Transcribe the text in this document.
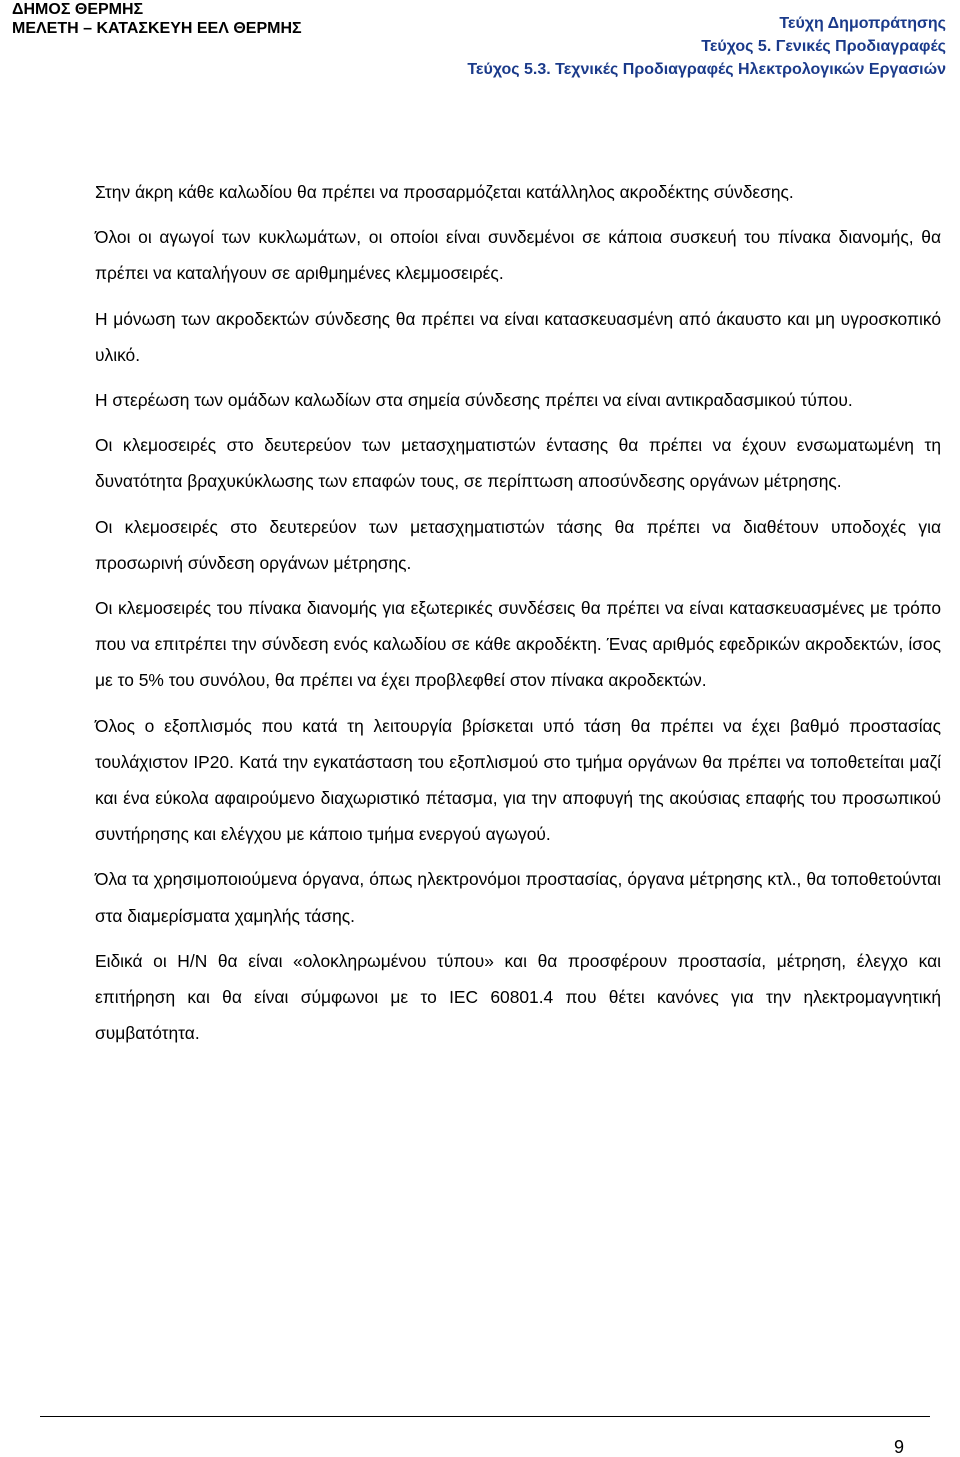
ΔΗΜΟΣ ΘΕΡΜΗΣ
ΜΕΛΕΤΗ – ΚΑΤΑΣΚΕΥΗ ΕΕΛ ΘΕΡΜΗΣ	Τεύχη Δημοπράτησης
Τεύχος 5. Γενικές Προδιαγραφές
Τεύχος 5.3. Τεχνικές Προδιαγραφές Ηλεκτρολογικών Εργασιών

Στην άκρη κάθε καλωδίου θα πρέπει να προσαρμόζεται κατάλληλος ακροδέκτης σύνδεσης.

Όλοι οι αγωγοί των κυκλωμάτων, οι οποίοι είναι συνδεμένοι σε κάποια συσκευή του πίνακα διανομής, θα πρέπει να καταλήγουν σε αριθμημένες κλεμμοσειρές.

Η μόνωση των ακροδεκτών σύνδεσης θα πρέπει να είναι κατασκευασμένη από άκαυστο και μη υγροσκοπικό υλικό.

Η στερέωση των ομάδων καλωδίων στα σημεία σύνδεσης πρέπει να είναι αντικραδασμικού τύπου.

Οι κλεμοσειρές στο δευτερεύον των μετασχηματιστών έντασης θα πρέπει να έχουν ενσωματωμένη τη δυνατότητα βραχυκύκλωσης των επαφών τους, σε περίπτωση αποσύνδεσης οργάνων μέτρησης.

Οι κλεμοσειρές στο δευτερεύον των μετασχηματιστών τάσης θα πρέπει να διαθέτουν υποδοχές για προσωρινή σύνδεση οργάνων μέτρησης.

Οι κλεμοσειρές του πίνακα διανομής για εξωτερικές συνδέσεις θα πρέπει να είναι κατασκευασμένες με τρόπο που να επιτρέπει την σύνδεση ενός καλωδίου σε κάθε ακροδέκτη. Ένας αριθμός εφεδρικών ακροδεκτών, ίσος με το 5% του συνόλου, θα πρέπει να έχει προβλεφθεί στον πίνακα ακροδεκτών.

Όλος ο εξοπλισμός που κατά τη λειτουργία βρίσκεται υπό τάση θα πρέπει να έχει βαθμό προστασίας τουλάχιστον IP20. Κατά την εγκατάσταση του εξοπλισμού στο τμήμα οργάνων θα πρέπει να τοποθετείται μαζί και ένα εύκολα αφαιρούμενο διαχωριστικό πέτασμα, για την αποφυγή της ακούσιας επαφής του προσωπικού συντήρησης και ελέγχου με κάποιο τμήμα ενεργού αγωγού.

Όλα τα χρησιμοποιούμενα όργανα, όπως ηλεκτρονόμοι προστασίας, όργανα μέτρησης κτλ., θα τοποθετούνται στα διαμερίσματα χαμηλής τάσης.

Ειδικά οι Η/Ν θα είναι «ολοκληρωμένου τύπου» και θα προσφέρουν προστασία, μέτρηση, έλεγχο και επιτήρηση και θα είναι σύμφωνοι με το IEC 60801.4 που θέτει κανόνες για την ηλεκτρομαγνητική συμβατότητα.

9
